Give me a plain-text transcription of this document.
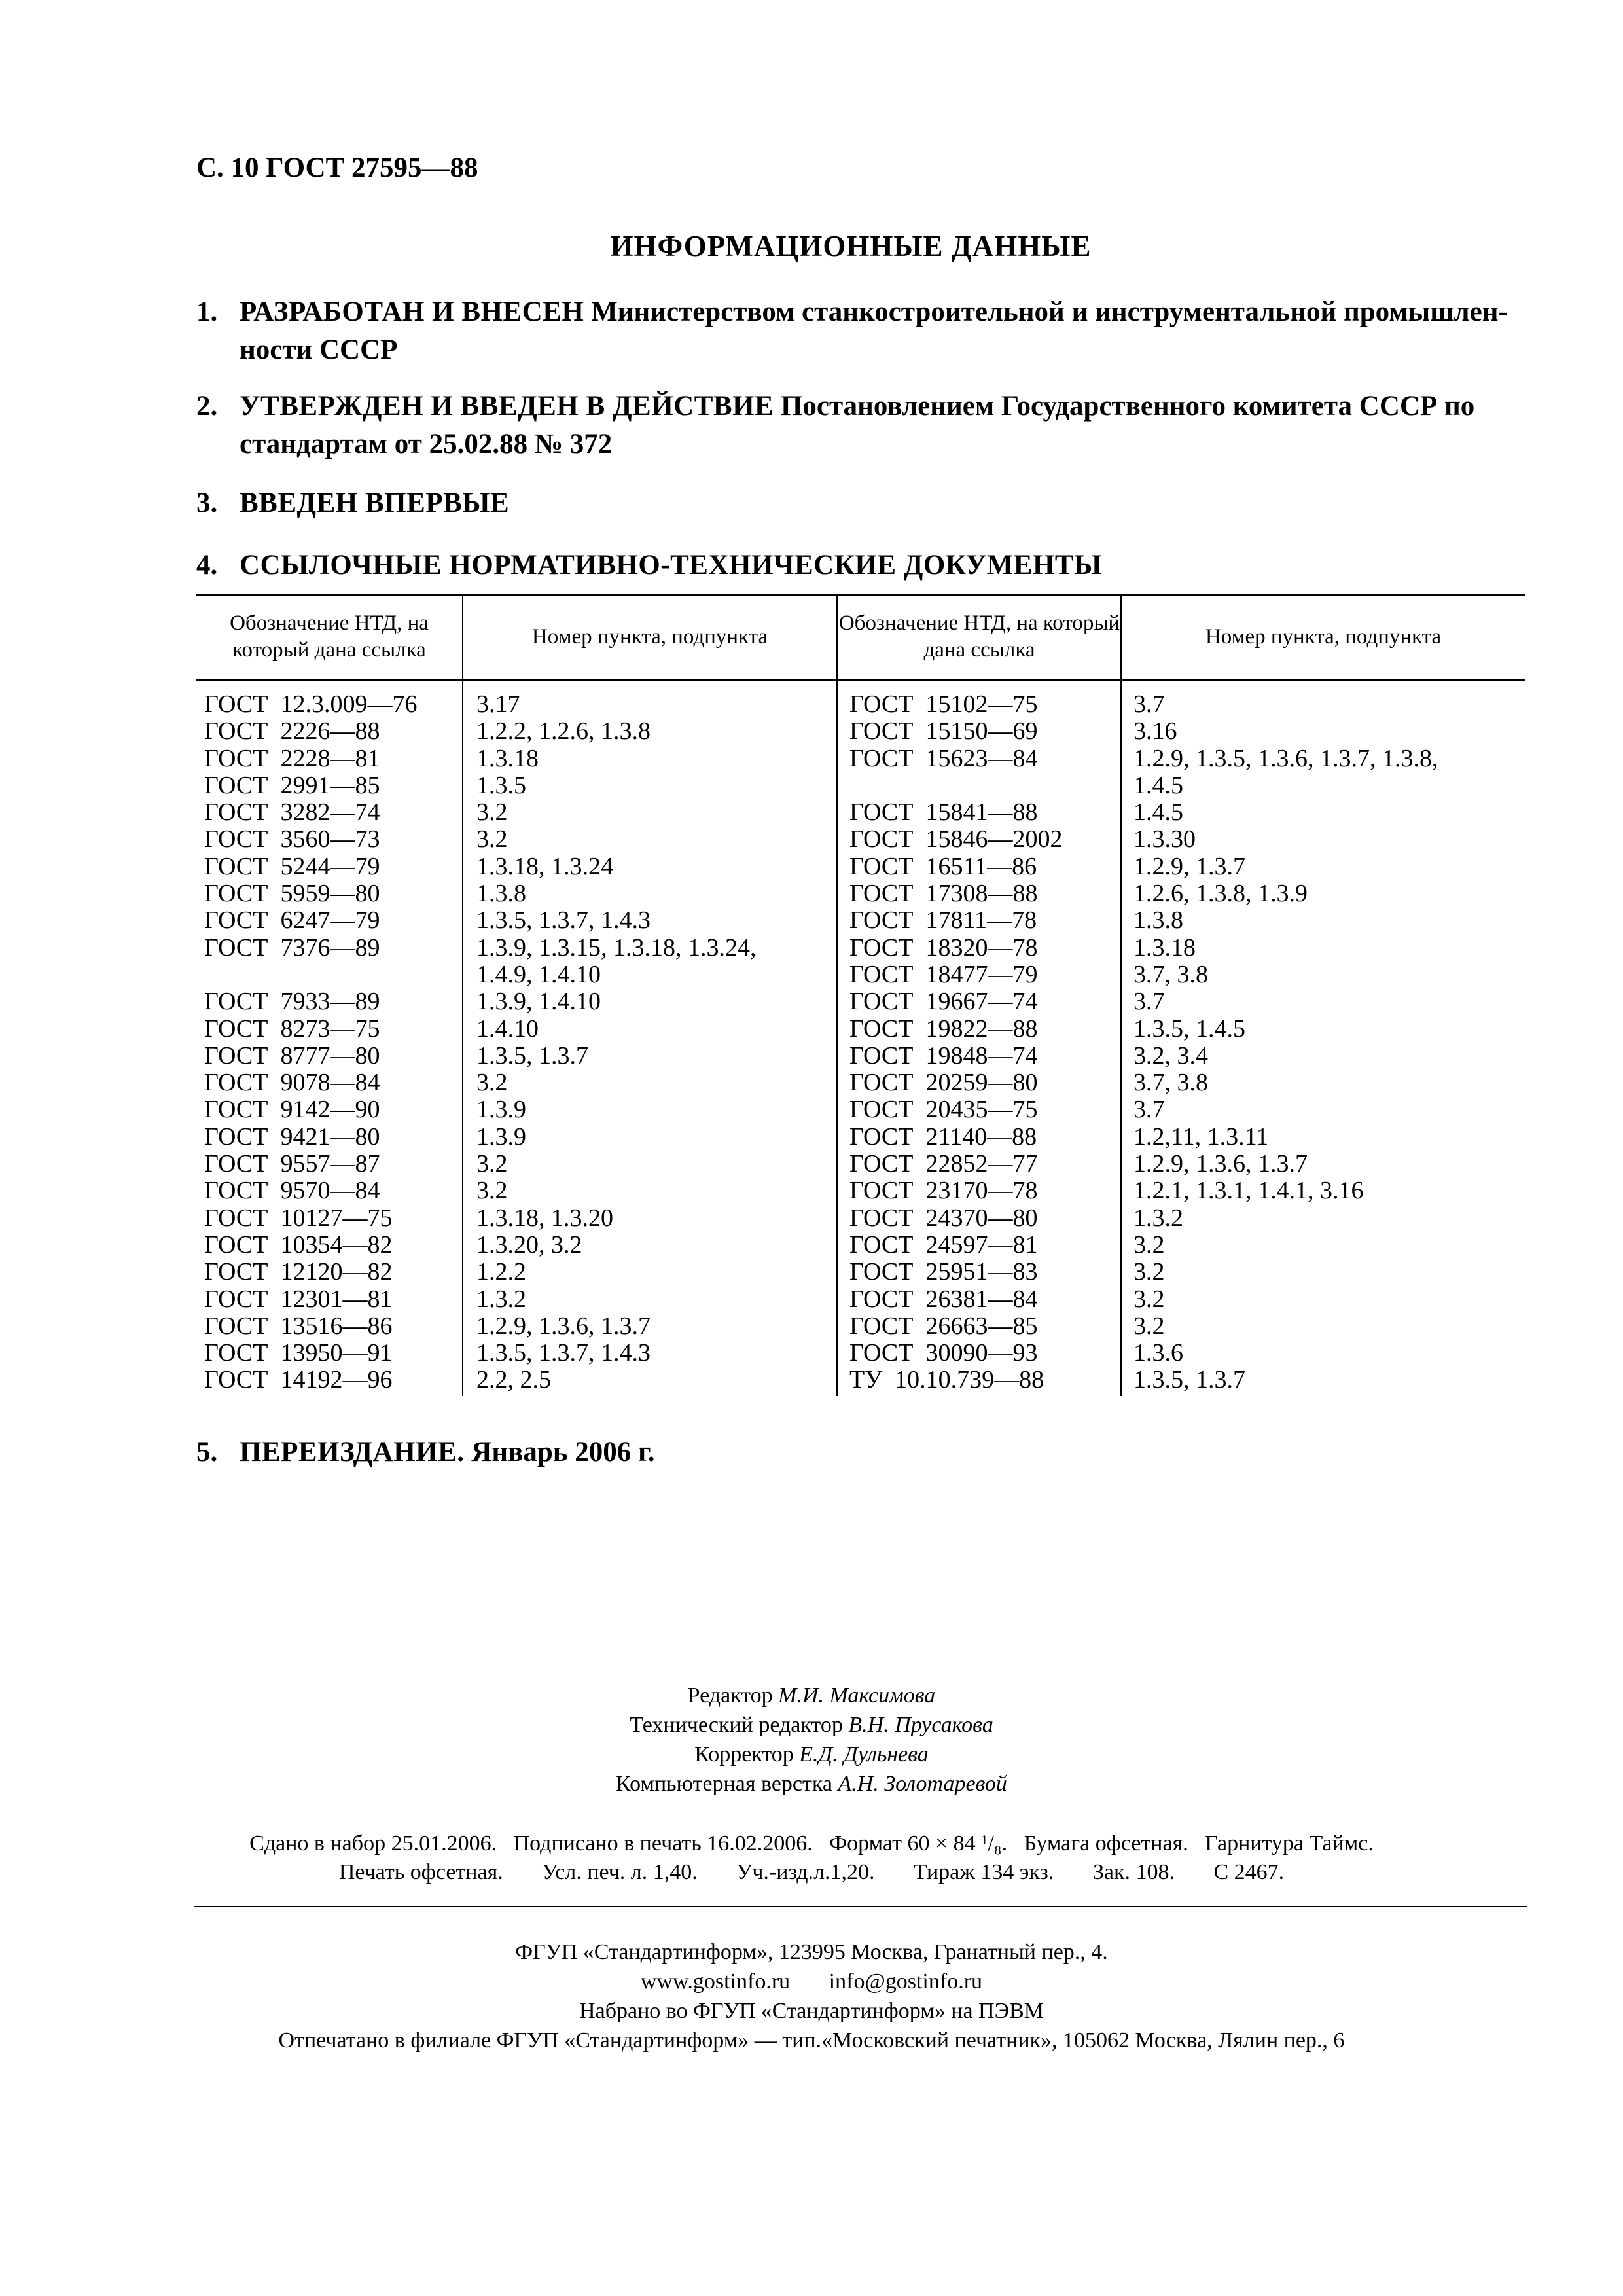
С. 10 ГОСТ 27595—88
ИНФОРМАЦИОННЫЕ ДАННЫЕ
1. РАЗРАБОТАН И ВНЕСЕН Министерством станкостроительной и инструментальной промышлен-ности СССР
2. УТВЕРЖДЕН И ВВЕДЕН В ДЕЙСТВИЕ Постановлением Государственного комитета СССР по стандартам от 25.02.88 № 372
3. ВВЕДЕН ВПЕРВЫЕ
4. ССЫЛОЧНЫЕ НОРМАТИВНО-ТЕХНИЧЕСКИЕ ДОКУМЕНТЫ
Обозначение НТД, на который дана ссылка
Номер пункта, подпункта
Обозначение НТД, на который дана ссылка
Номер пункта, подпункта
ГОСТ  12.3.009—76
ГОСТ  2226—88
ГОСТ  2228—81
ГОСТ  2991—85
ГОСТ  3282—74
ГОСТ  3560—73
ГОСТ  5244—79
ГОСТ  5959—80
ГОСТ  6247—79
ГОСТ  7376—89
ГОСТ  7933—89
ГОСТ  8273—75
ГОСТ  8777—80
ГОСТ  9078—84
ГОСТ  9142—90
ГОСТ  9421—80
ГОСТ  9557—87
ГОСТ  9570—84
ГОСТ  10127—75
ГОСТ  10354—82
ГОСТ  12120—82
ГОСТ  12301—81
ГОСТ  13516—86
ГОСТ  13950—91
ГОСТ  14192—96
3.17
1.2.2, 1.2.6, 1.3.8
1.3.18
1.3.5
3.2
3.2
1.3.18, 1.3.24
1.3.8
1.3.5, 1.3.7, 1.4.3
1.3.9, 1.3.15, 1.3.18, 1.3.24,
1.4.9, 1.4.10
1.3.9, 1.4.10
1.4.10
1.3.5, 1.3.7
3.2
1.3.9
1.3.9
3.2
3.2
1.3.18, 1.3.20
1.3.20, 3.2
1.2.2
1.3.2
1.2.9, 1.3.6, 1.3.7
1.3.5, 1.3.7, 1.4.3
2.2, 2.5
ГОСТ  15102—75
ГОСТ  15150—69
ГОСТ  15623—84
ГОСТ  15841—88
ГОСТ  15846—2002
ГОСТ  16511—86
ГОСТ  17308—88
ГОСТ  17811—78
ГОСТ  18320—78
ГОСТ  18477—79
ГОСТ  19667—74
ГОСТ  19822—88
ГОСТ  19848—74
ГОСТ  20259—80
ГОСТ  20435—75
ГОСТ  21140—88
ГОСТ  22852—77
ГОСТ  23170—78
ГОСТ  24370—80
ГОСТ  24597—81
ГОСТ  25951—83
ГОСТ  26381—84
ГОСТ  26663—85
ГОСТ  30090—93
ТУ  10.10.739—88
3.7
3.16
1.2.9, 1.3.5, 1.3.6, 1.3.7, 1.3.8,
1.4.5
1.4.5
1.3.30
1.2.9, 1.3.7
1.2.6, 1.3.8, 1.3.9
1.3.8
1.3.18
3.7, 3.8
3.7
1.3.5, 1.4.5
3.2, 3.4
3.7, 3.8
3.7
1.2,11, 1.3.11
1.2.9, 1.3.6, 1.3.7
1.2.1, 1.3.1, 1.4.1, 3.16
1.3.2
3.2
3.2
3.2
3.2
1.3.6
1.3.5, 1.3.7
5. ПЕРЕИЗДАНИЕ. Январь 2006 г.
Редактор М.И. Максимова
Технический редактор В.Н. Прусакова
Корректор Е.Д. Дульнева
Компьютерная верстка А.Н. Золотаревой
Сдано в набор 25.01.2006.   Подписано в печать 16.02.2006.   Формат 60 × 84 ¹/₈.   Бумага офсетная.   Гарнитура Таймс.
Печать офсетная.       Усл. печ. л. 1,40.       Уч.-изд.л.1,20.       Тираж 134 экз.       Зак. 108.       С 2467.
ФГУП «Стандартинформ», 123995 Москва, Гранатный пер., 4.
www.gostinfo.ru       info@gostinfo.ru
Набрано во ФГУП «Стандартинформ» на ПЭВМ
Отпечатано в филиале ФГУП «Стандартинформ» — тип.«Московский печатник», 105062 Москва, Лялин пер., 6
